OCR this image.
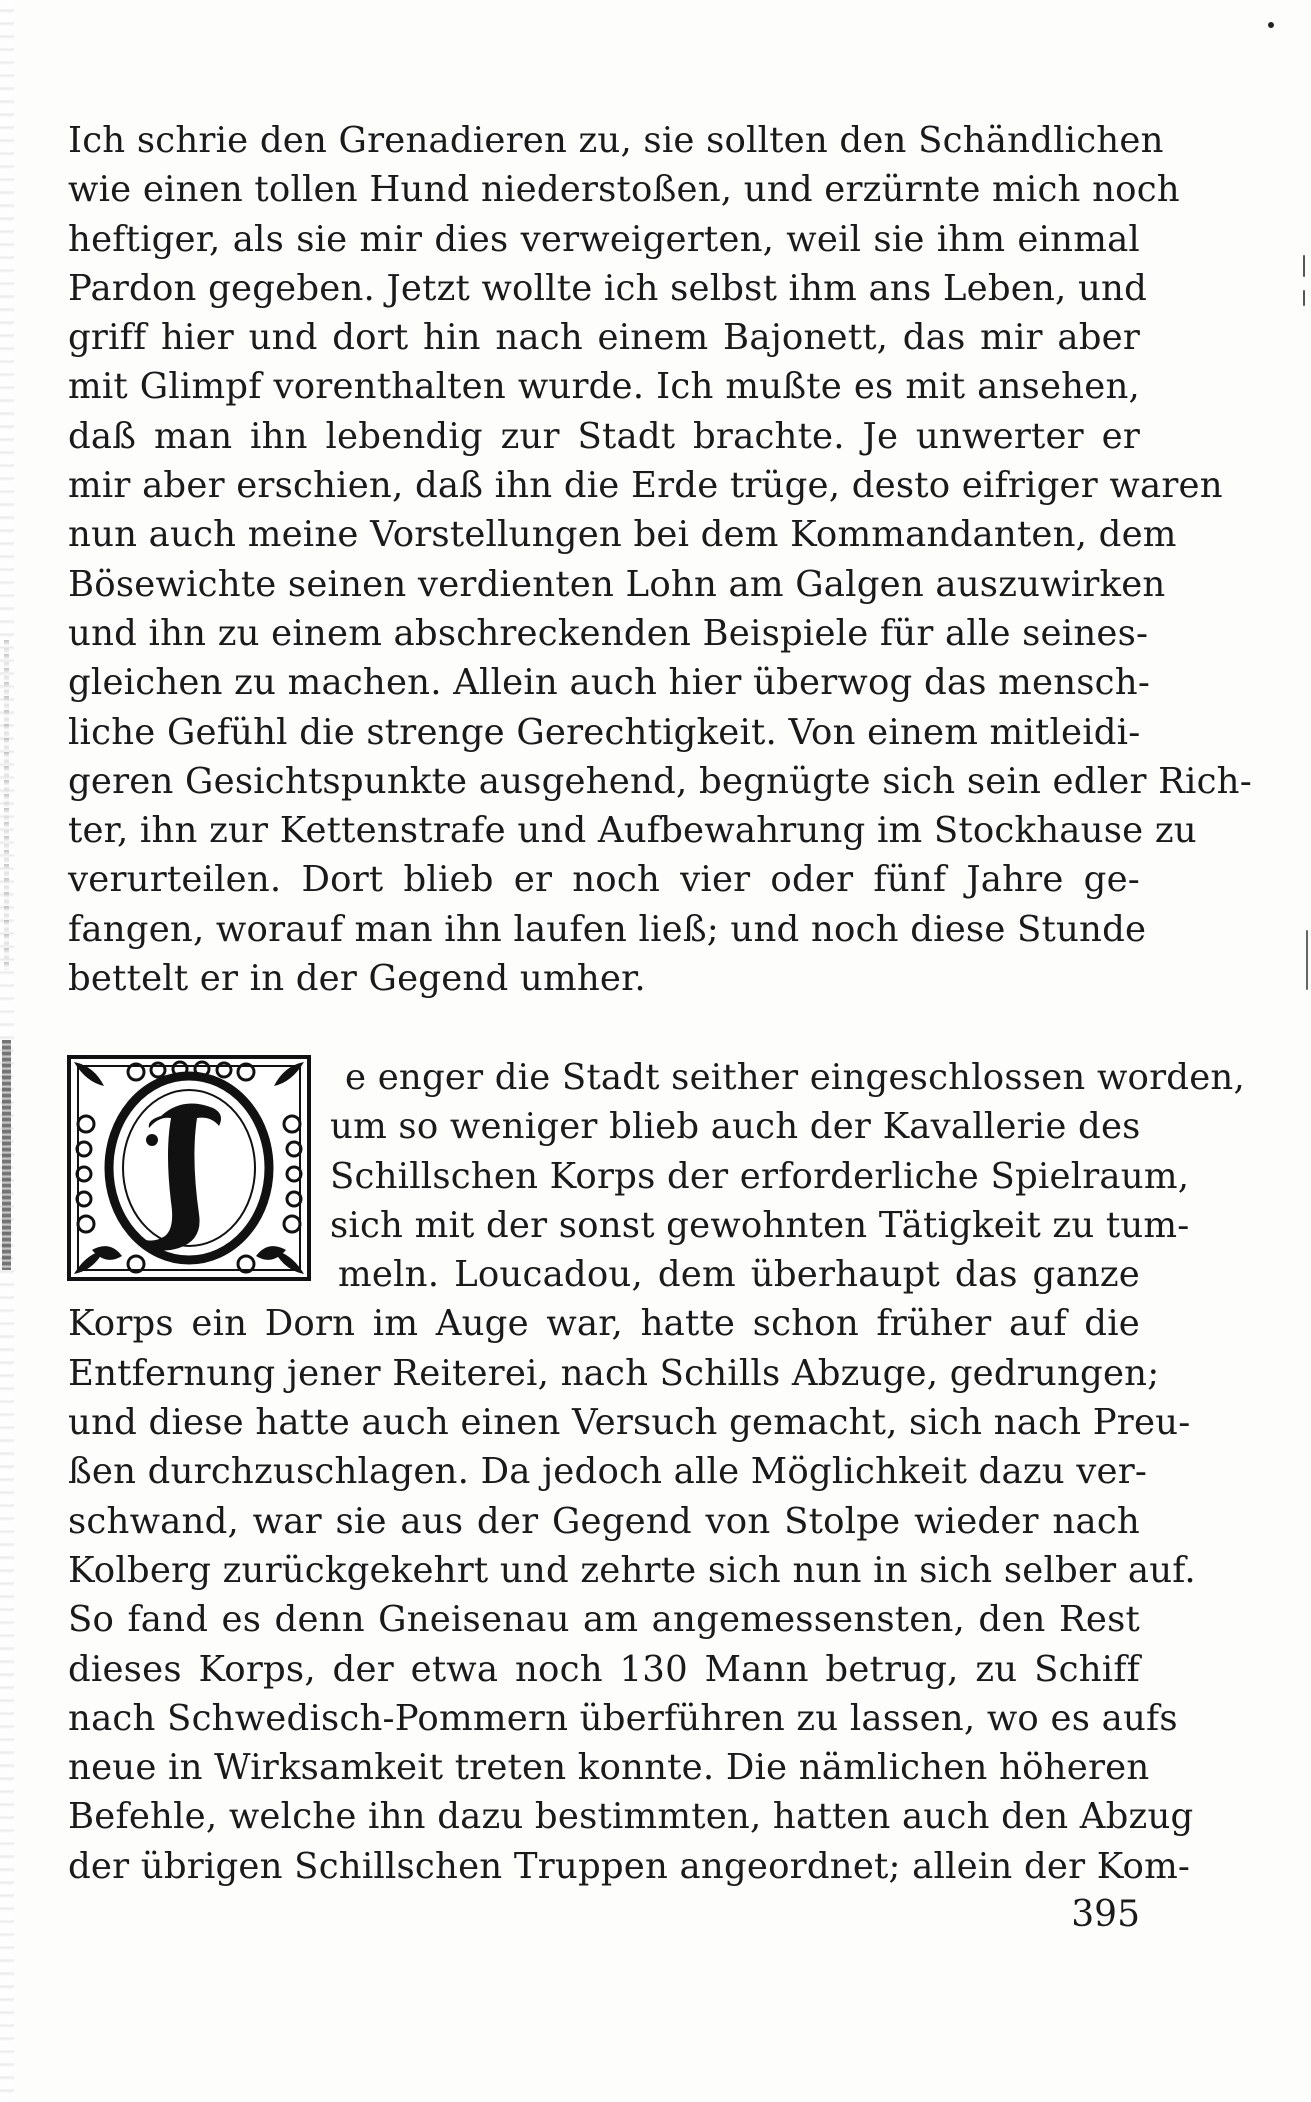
Ich schrie den Grenadieren zu, sie sollten den Schändlichen
wie einen tollen Hund niederstoßen, und erzürnte mich noch
heftiger, als sie mir dies verweigerten, weil sie ihm einmal
Pardon gegeben. Jetzt wollte ich selbst ihm ans Leben, und
griff hier und dort hin nach einem Bajonett, das mir aber
mit Glimpf vorenthalten wurde. Ich mußte es mit ansehen,
daß man ihn lebendig zur Stadt brachte. Je unwerter er
mir aber erschien, daß ihn die Erde trüge, desto eifriger waren
nun auch meine Vorstellungen bei dem Kommandanten, dem
Bösewichte seinen verdienten Lohn am Galgen auszuwirken
und ihn zu einem abschreckenden Beispiele für alle seines-
gleichen zu machen. Allein auch hier überwog das mensch-
liche Gefühl die strenge Gerechtigkeit. Von einem mitleidi-
geren Gesichtspunkte ausgehend, begnügte sich sein edler Rich-
ter, ihn zur Kettenstrafe und Aufbewahrung im Stockhause zu
verurteilen. Dort blieb er noch vier oder fünf Jahre ge-
fangen, worauf man ihn laufen ließ; und noch diese Stunde
bettelt er in der Gegend umher.
e enger die Stadt seither eingeschlossen worden,
um so weniger blieb auch der Kavallerie des
Schillschen Korps der erforderliche Spielraum,
sich mit der sonst gewohnten Tätigkeit zu tum-
meln. Loucadou, dem überhaupt das ganze
Korps ein Dorn im Auge war, hatte schon früher auf die
Entfernung jener Reiterei, nach Schills Abzuge, gedrungen;
und diese hatte auch einen Versuch gemacht, sich nach Preu-
ßen durchzuschlagen. Da jedoch alle Möglichkeit dazu ver-
schwand, war sie aus der Gegend von Stolpe wieder nach
Kolberg zurückgekehrt und zehrte sich nun in sich selber auf.
So fand es denn Gneisenau am angemessensten, den Rest
dieses Korps, der etwa noch 130 Mann betrug, zu Schiff
nach Schwedisch-Pommern überführen zu lassen, wo es aufs
neue in Wirksamkeit treten konnte. Die nämlichen höheren
Befehle, welche ihn dazu bestimmten, hatten auch den Abzug
der übrigen Schillschen Truppen angeordnet; allein der Kom-
395
